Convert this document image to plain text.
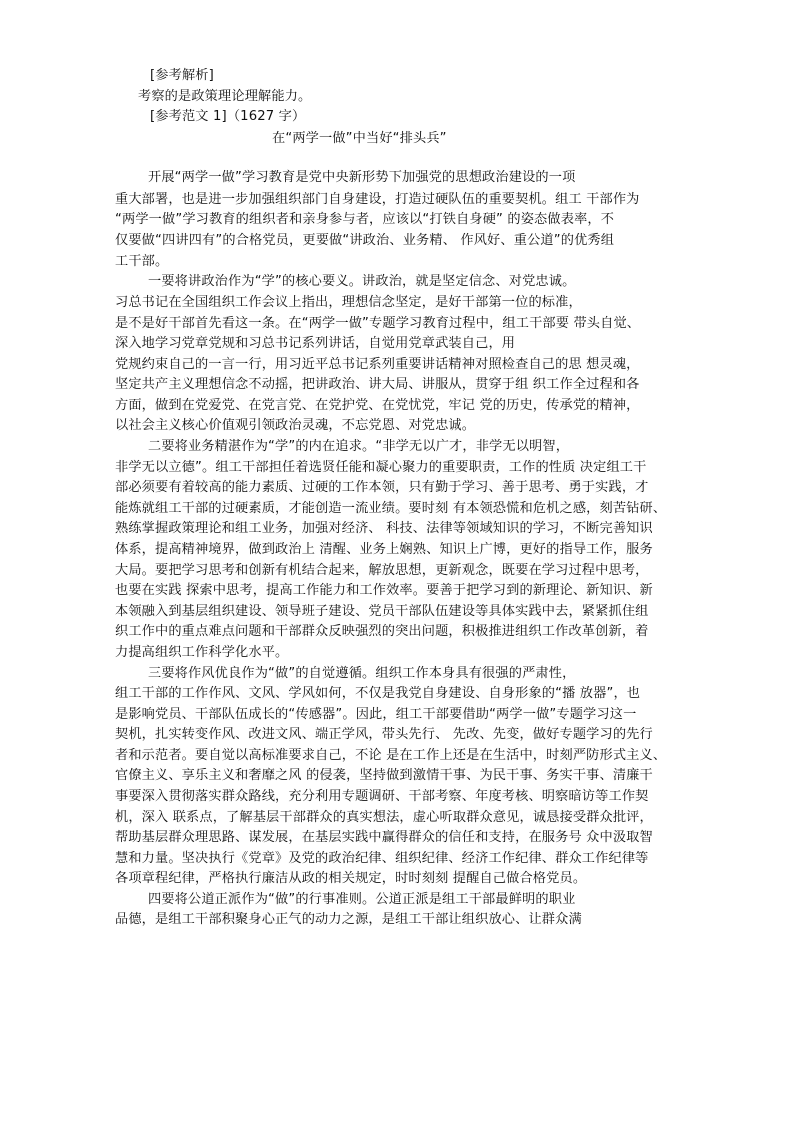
[参考解析]

考察的是政策理论理解能力。

[参考范文 1]（1627 字）

在“两学一做”中当好“排头兵”

开展“两学一做”学习教育是党中央新形势下加强党的思想政治建设的一项

重大部署，也是进一步加强组织部门自身建设，打造过硬队伍的重要契机。组工 干部作为

“两学一做”学习教育的组织者和亲身参与者，应该以“打铁自身硬” 的姿态做表率，不

仅要做“四讲四有”的合格党员，更要做“讲政治、业务精、 作风好、重公道”的优秀组

工干部。

一要将讲政治作为“学”的核心要义。讲政治，就是坚定信念、对党忠诚。

习总书记在全国组织工作会议上指出，理想信念坚定，是好干部第一位的标准，

是不是好干部首先看这一条。在“两学一做”专题学习教育过程中，组工干部要 带头自觉、

深入地学习党章党规和习总书记系列讲话，自觉用党章武装自己，用

党规约束自己的一言一行，用习近平总书记系列重要讲话精神对照检查自己的思 想灵魂，

坚定共产主义理想信念不动摇，把讲政治、讲大局、讲服从，贯穿于组 织工作全过程和各

方面，做到在党爱党、在党言党、在党护党、在党忧党，牢记 党的历史，传承党的精神，

以社会主义核心价值观引领政治灵魂，不忘党恩、对党忠诚。

二要将业务精湛作为“学”的内在追求。“非学无以广才，非学无以明智，

非学无以立德”。组工干部担任着选贤任能和凝心聚力的重要职责，工作的性质 决定组工干

部必须要有着较高的能力素质、过硬的工作本领，只有勤于学习、善于思考、勇于实践，才

能炼就组工干部的过硬素质，才能创造一流业绩。要时刻 有本领恐慌和危机之感，刻苦钻研、

熟练掌握政策理论和组工业务，加强对经济、 科技、法律等领域知识的学习，不断完善知识

体系，提高精神境界，做到政治上 清醒、业务上娴熟、知识上广博，更好的指导工作，服务

大局。要把学习思考和创新有机结合起来，解放思想，更新观念，既要在学习过程中思考，

也要在实践 探索中思考，提高工作能力和工作效率。要善于把学习到的新理论、新知识、新

本领融入到基层组织建设、领导班子建设、党员干部队伍建设等具体实践中去，紧紧抓住组

织工作中的重点难点问题和干部群众反映强烈的突出问题，积极推进组织工作改革创新，着

力提高组织工作科学化水平。

三要将作风优良作为“做”的自觉遵循。组织工作本身具有很强的严肃性，

组工干部的工作作风、文风、学风如何，不仅是我党自身建设、自身形象的“播 放器”，也

是影响党员、干部队伍成长的“传感器”。因此，组工干部要借助“两学一做”专题学习这一

契机，扎实转变作风、改进文风、端正学风，带头先行、 先改、先变，做好专题学习的先行

者和示范者。要自觉以高标准要求自己，不论 是在工作上还是在生活中，时刻严防形式主义、

官僚主义、享乐主义和奢靡之风 的侵袭，坚持做到激情干事、为民干事、务实干事、清廉干

事要深入贯彻落实群众路线，充分利用专题调研、干部考察、年度考核、明察暗访等工作契

机，深入 联系点，了解基层干部群众的真实想法，虚心听取群众意见，诚恳接受群众批评，

帮助基层群众理思路、谋发展，在基层实践中赢得群众的信任和支持，在服务号 众中汲取智

慧和力量。坚决执行《党章》及党的政治纪律、组织纪律、经济工作纪律、群众工作纪律等

各项章程纪律，严格执行廉洁从政的相关规定，时时刻刻 提醒自己做合格党员。

四要将公道正派作为“做”的行事准则。公道正派是组工干部最鲜明的职业

品德，是组工干部积聚身心正气的动力之源，是组工干部让组织放心、让群众满
